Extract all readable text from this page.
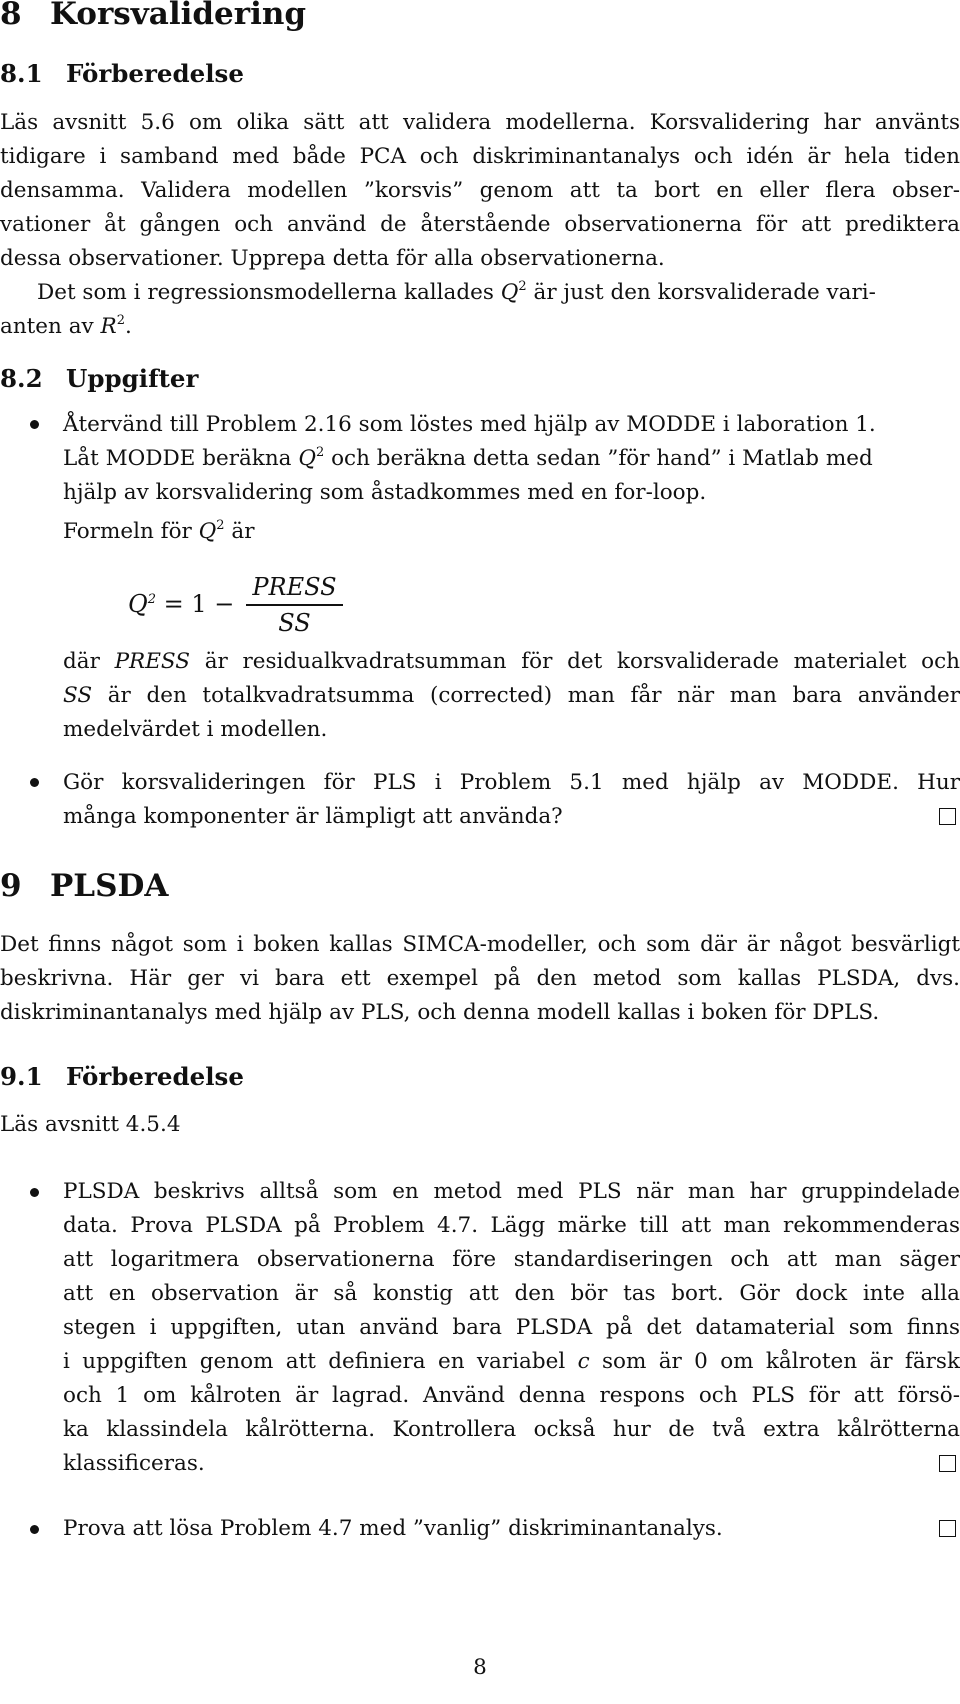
8 Korsvalidering
8.1 Förberedelse

Läs avsnitt 5.6 om olika sätt att validera modellerna. Korsvalidering har använts

tidigare i samband med både PCA och diskriminantanalys och idén är hela tiden

densamma. Validera modellen ”korsvis” genom att ta bort en eller flera obser-

vationer åt gången och använd de återstående observationerna för att prediktera

dessa observationer. Upprepa detta för alla observationerna.

Det som i regressionsmodellerna kallades $Q^2$ är just den korsvaliderade vari-

anten av $R^2$.

8.2 Uppgifter

Återvänd till Problem 2.16 som löstes med hjälp av MODDE i laboration 1.

Låt MODDE beräkna $Q^2$ och beräkna detta sedan ”för hand” i Matlab med

hjälp av korsvalidering som åstadkommes med en for-loop.

Formeln för $Q^2$ är

$Q^2 = 1$ −
PRESS
SS

där PRESS är residualkvadratsumman för det korsvaliderade materialet och

SS är den totalkvadratsumma (corrected) man får när man bara använder

medelvärdet i modellen.

Gör korsvalideringen för PLS i Problem 5.1 med hjälp av MODDE. Hur

många komponenter är lämpligt att använda?

9 PLSDA

Det finns något som i boken kallas SIMCA-modeller, och som där är något besvärligt

beskrivna. Här ger vi bara ett exempel på den metod som kallas PLSDA, dvs.

diskriminantanalys med hjälp av PLS, och denna modell kallas i boken för DPLS.

9.1 Förberedelse

Läs avsnitt 4.5.4

PLSDA beskrivs alltså som en metod med PLS när man har gruppindelade

data. Prova PLSDA på Problem 4.7. Lägg märke till att man rekommenderas

att logaritmera observationerna före standardiseringen och att man säger

att en observation är så konstig att den bör tas bort. Gör dock inte alla

stegen i uppgiften, utan använd bara PLSDA på det datamaterial som finns

i uppgiften genom att definiera en variabel c som är 0 om kålroten är färsk

och 1 om kålroten är lagrad. Använd denna respons och PLS för att försö-

ka klassindela kålrötterna. Kontrollera också hur de två extra kålrötterna

klassificeras.

Prova att lösa Problem 4.7 med ”vanlig” diskriminantanalys.

8
